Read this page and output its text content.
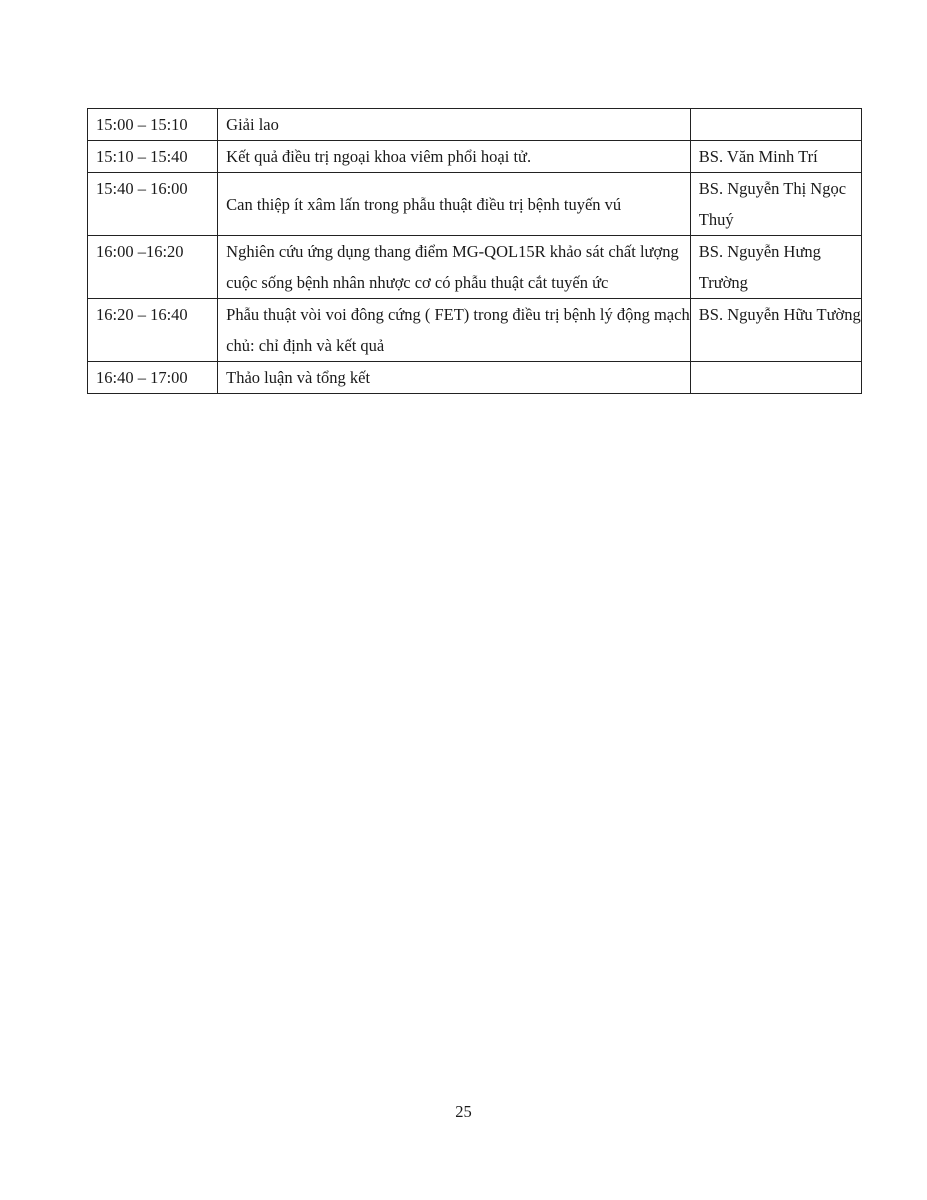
15:00 – 15:10	Giải lao	
15:10 – 15:40	Kết quả điều trị ngoại khoa viêm phổi hoại tử.	BS. Văn Minh Trí
15:40 – 16:00	Can thiệp ít xâm lấn trong phẫu thuật điều trị bệnh tuyến vú	BS. Nguyễn Thị Ngọc Thuý
16:00 –16:20	Nghiên cứu ứng dụng thang điểm MG-QOL15R khảo sát chất lượng cuộc sống bệnh nhân nhược cơ có phẫu thuật cắt tuyến ức	BS. Nguyễn Hưng Trường
16:20 – 16:40	Phẫu thuật vòi voi đông cứng ( FET) trong điều trị bệnh lý động mạch chủ: chỉ định và kết quả	BS. Nguyễn Hữu Tường
16:40 – 17:00	Thảo luận và tổng kết	
25
